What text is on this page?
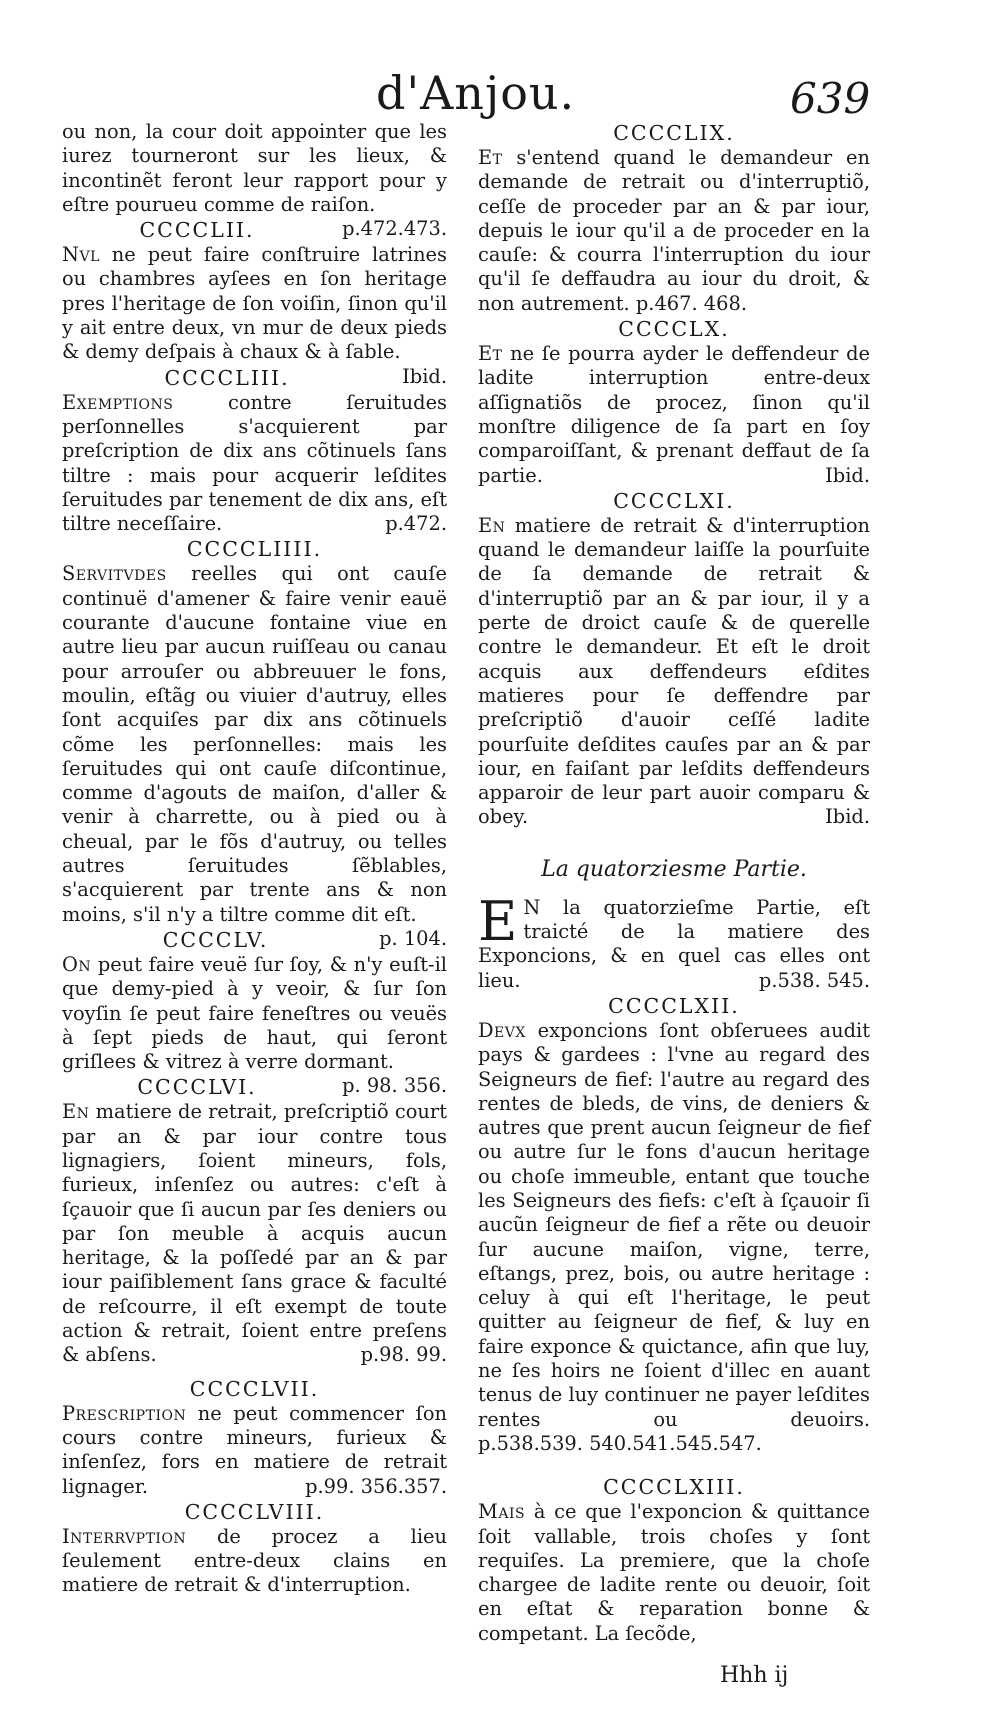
d'Anjou.	639

ou non, la cour doit appointer que les iurez tourneront sur les lieux, & incontinẽt feront leur rapport pour y eſtre pourueu comme de raiſon.
p.472.473.

CCCCLII.

Nvl ne peut faire conſtruire latrines ou chambres ayſees en ſon heritage pres l'heritage de ſon voiſin, ſinon qu'il y ait entre deux, vn mur de deux pieds & demy deſpais à chaux & à ſable.
Ibid.

CCCCLIII.

Exemptions contre ſeruitudes perſonnelles s'acquierent par preſcription de dix ans cõtinuels ſans tiltre : mais pour acquerir leſdites ſeruitudes par tenement de dix ans, eſt tiltre neceſſaire.	p.472.

CCCCLIIII.

Servitvdes reelles qui ont cauſe continuë d'amener & faire venir eauë courante d'aucune fontaine viue en autre lieu par aucun ruiſſeau ou canau pour arrouſer ou abbreuuer le fons, moulin, eſtãg ou viuier d'autruy, elles ſont acquiſes par dix ans cõtinuels cõme les perſonnelles: mais les ſeruitudes qui ont cauſe diſcontinue, comme d'agouts de maiſon, d'aller & venir à charrette, ou à pied ou à cheual, par le fõs d'autruy, ou telles autres ſeruitudes ſẽblables, s'acquierent par trente ans & non moins, s'il n'y a tiltre comme dit eſt.
p. 104.

CCCCLV.

On peut faire veuë ſur ſoy, & n'y euſt-il que demy-pied à y veoir, & ſur ſon voyſin ſe peut faire feneſtres ou veuës à ſept pieds de haut, qui ſeront griſlees & vitrez à verre dormant.
p. 98. 356.

CCCCLVI.

En matiere de retrait, preſcriptiõ court par an & par iour contre tous lignagiers, ſoient mineurs, fols, furieux, inſenſez ou autres: c'eſt à ſçauoir que ſi aucun par ſes deniers ou par ſon meuble à acquis aucun heritage, & la poſſedé par an & par iour paiſiblement ſans grace & faculté de reſcourre, il eſt exempt de toute action & retrait, ſoient entre preſens & abſens.	p.98. 99.

CCCCLVII.

Prescription ne peut commencer ſon cours contre mineurs, furieux & inſenſez, fors en matiere de retrait lignager.	p.99. 356.357.

CCCCLVIII.

Interrvption de procez a lieu ſeulement entre-deux clains en matiere de retrait & d'interruption.

CCCCLIX.

Et s'entend quand le demandeur en demande de retrait ou d'interruptiõ, ceſſe de proceder par an & par iour, depuis le iour qu'il a de proceder en la cauſe: & courra l'interruption du iour qu'il ſe deffaudra au iour du droit, & non autrement. p.467. 468.

CCCCLX.

Et ne ſe pourra ayder le deffendeur de ladite interruption entre-deux aſſignatiõs de procez, ſinon qu'il monſtre diligence de ſa part en ſoy comparoiſſant, & prenant deffaut de ſa partie.	Ibid.

CCCCLXI.

En matiere de retrait & d'interruption quand le demandeur laiſſe la pourſuite de ſa demande de retrait & d'interruptiõ par an & par iour, il y a perte de droict cauſe & de querelle contre le demandeur. Et eſt le droit acquis aux deffendeurs eſdites matieres pour ſe deffendre par preſcriptiõ d'auoir ceſſé ladite pourſuite deſdites cauſes par an & par iour, en faiſant par leſdits deffendeurs apparoir de leur part auoir comparu & obey.	Ibid.

La quatorziesme Partie.

E N la quatorzieſme Partie, eſt traicté de la matiere des Exponcions, & en quel cas elles ont lieu.	p.538. 545.

CCCCLXII.

Devx exponcions ſont obſeruees audit pays & gardees : l'vne au regard des Seigneurs de fief: l'autre au regard des rentes de bleds, de vins, de deniers & autres que prent aucun ſeigneur de fief ou autre ſur le fons d'aucun heritage ou choſe immeuble, entant que touche les Seigneurs des fiefs: c'eſt à ſçauoir ſi aucũn ſeigneur de fief a rẽte ou deuoir ſur aucune maiſon, vigne, terre, eſtangs, prez, bois, ou autre heritage : celuy à qui eſt l'heritage, le peut quitter au ſeigneur de fief, & luy en faire exponce & quictance, afin que luy, ne ſes hoirs ne ſoient d'illec en auant tenus de luy continuer ne payer leſdites rentes ou deuoirs. p.538.539. 540.541.545.547.

CCCCLXIII.

Mais à ce que l'exponcion & quittance ſoit vallable, trois choſes y ſont requiſes. La premiere, que la choſe chargee de ladite rente ou deuoir, ſoit en eſtat & reparation bonne & competant. La ſecõde,

Hhh ij
